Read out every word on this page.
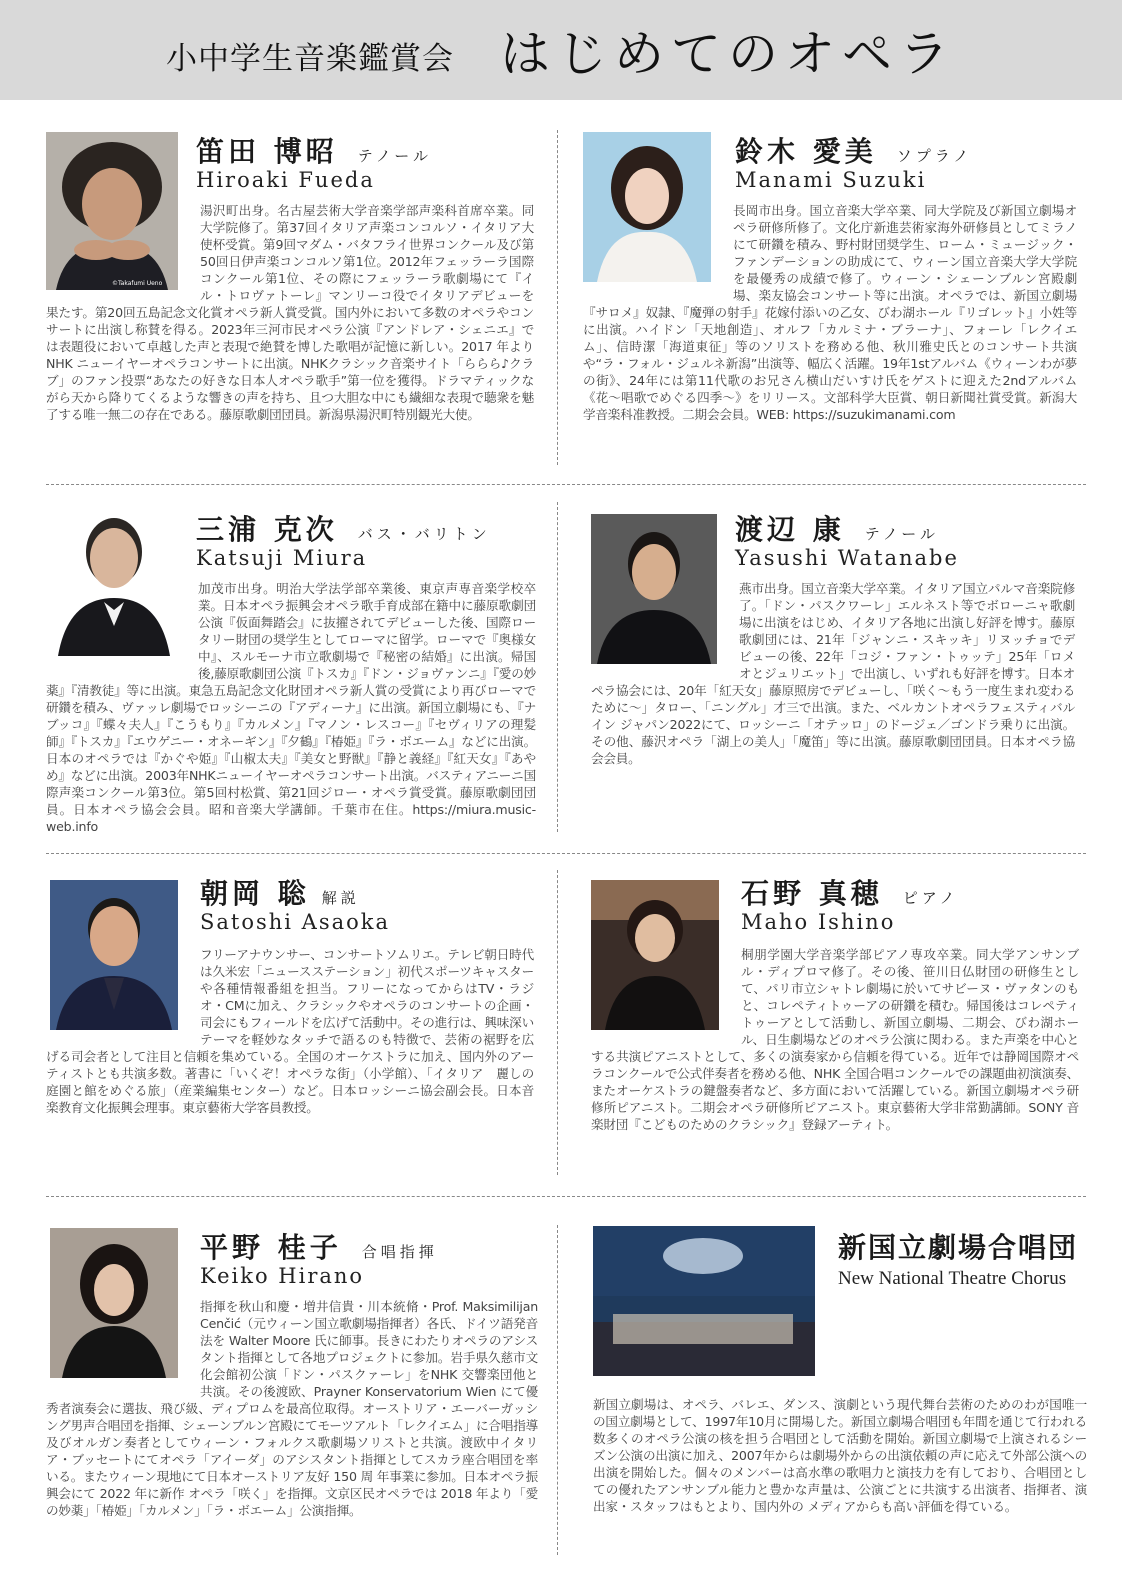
小中学生音楽鑑賞会 はじめてのオペラ
©Takafumi Ueno
笛田 博昭 テノール
Hiroaki Fueda
湯沢町出身。名古屋芸術大学音楽学部声楽科首席卒業。同大学院修了。第37回イタリア声楽コンコルソ・イタリア大使杯受賞。第9回マダム・バタフライ世界コンクール及び第50回日伊声楽コンコルソ第1位。2012年フェッラーラ国際コンクール第1位、その際にフェッラーラ歌劇場にて『イル・トロヴァトーレ』マンリーコ役でイタリアデビューを果たす。第20回五島記念文化賞オペラ新人賞受賞。国内外において多数のオペラやコンサートに出演し称賛を得る。2023年三河市民オペラ公演『アンドレア・シェニエ』では表題役において卓越した声と表現で絶賛を博した歌唱が記憶に新しい。2017 年よりNHK ニューイヤーオペラコンサートに出演。NHKクラシック音楽サイト「ららら♪クラブ」のファン投票“あなたの好きな日本人オペラ歌手”第一位を獲得。ドラマティックながら天から降りてくるような響きの声を持ち、且つ大胆な中にも繊細な表現で聴衆を魅了する唯一無二の存在である。藤原歌劇団団員。新潟県湯沢町特別観光大使。
鈴木 愛美 ソプラノ
Manami Suzuki
長岡市出身。国立音楽大学卒業、同大学院及び新国立劇場オペラ研修所修了。文化庁新進芸術家海外研修員としてミラノにて研鑽を積み、野村財団奨学生、ローム・ミュージック・ファンデーションの助成にて、ウィーン国立音楽大学大学院を最優秀の成績で修了。ウィーン・シェーンブルン宮殿劇場、楽友協会コンサート等に出演。オペラでは、新国立劇場『サロメ』奴隷、『魔弾の射手』花嫁付添いの乙女、びわ湖ホール『リゴレット』小姓等に出演。ハイドン「天地創造」、オルフ「カルミナ・ブラーナ」、フォーレ「レクイエム」、信時潔「海道東征」等のソリストを務める他、秋川雅史氏とのコンサート共演や“ラ・フォル・ジュルネ新潟”出演等、幅広く活躍。19年1stアルバム《ウィーンわが夢の街》、24年には第11代歌のお兄さん横山だいすけ氏をゲストに迎えた2ndアルバム《花〜唱歌でめぐる四季〜》をリリース。文部科学大臣賞、朝日新聞社賞受賞。新潟大学音楽科准教授。二期会会員。WEB: https://suzukimanami.com
三浦 克次 バス・バリトン
Katsuji Miura
加茂市出身。明治大学法学部卒業後、東京声専音楽学校卒業。日本オペラ振興会オペラ歌手育成部在籍中に藤原歌劇団公演『仮面舞踏会』に抜擢されてデビューした後、国際ロータリー財団の奨学生としてローマに留学。ローマで『奥様女中』、スルモーナ市立歌劇場で『秘密の結婚』に出演。帰国後,藤原歌劇団公演『トスカ』『ドン・ジョヴァンニ』『愛の妙薬』『清教徒』等に出演。東急五島記念文化財団オペラ新人賞の受賞により再びローマで研鑽を積み、ヴァッレ劇場でロッシーニの『アディーナ』に出演。新国立劇場にも、『ナブッコ』『蝶々夫人』『こうもり』『カルメン』『マノン・レスコー』『セヴィリアの理髪師』『トスカ』『エウゲニー・オネーギン』『夕鶴』『椿姫』『ラ・ボエーム』などに出演。日本のオペラでは『かぐや姫』『山椒太夫』『美女と野獣』『静と義経』『紅天女』『あやめ』などに出演。2003年NHKニューイヤーオペラコンサート出演。バスティアニーニ国際声楽コンクール第3位。第5回村松賞、第21回ジロー・オペラ賞受賞。藤原歌劇団団員。日本オペラ協会会員。昭和音楽大学講師。千葉市在住。https://miura.music-web.info
渡辺 康 テノール
Yasushi Watanabe
燕市出身。国立音楽大学卒業。イタリア国立パルマ音楽院修了。「ドン・パスクワーレ」エルネスト等でボローニャ歌劇場に出演をはじめ、イタリア各地に出演し好評を博す。藤原歌劇団には、21年「ジャンニ・スキッキ」リヌッチョでデビューの後、22年「コジ・ファン・トゥッテ」25年「ロメオとジュリエット」で出演し、いずれも好評を博す。日本オペラ協会には、20年「紅天女」藤原照房でデビューし、「咲く〜もう一度生まれ変わるために〜」タロー、「ニングル」才三で出演。また、ベルカントオペラフェスティバル イン ジャパン2022にて、ロッシーニ「オテッロ」のドージェ／ゴンドラ乗りに出演。その他、藤沢オペラ「湖上の美人」「魔笛」等に出演。藤原歌劇団団員。日本オペラ協会会員。
朝岡 聡 解説
Satoshi Asaoka
フリーアナウンサー、コンサートソムリエ。テレビ朝日時代は久米宏「ニュースステーション」初代スポーツキャスターや各種情報番組を担当。フリーになってからはTV・ラジオ・CMに加え、クラシックやオペラのコンサートの企画・司会にもフィールドを広げて活動中。その進行は、興味深いテーマを軽妙なタッチで語るのも特徴で、芸術の裾野を広げる司会者として注目と信頼を集めている。全国のオーケストラに加え、国内外のアーティストとも共演多数。著書に「いくぞ！オペラな街」（小学館）、「イタリア　麗しの庭園と館をめぐる旅」（産業編集センター）など。日本ロッシーニ協会副会長。日本音楽教育文化振興会理事。東京藝術大学客員教授。
石野 真穂 ピアノ
Maho Ishino
桐朋学園大学音楽学部ピアノ専攻卒業。同大学アンサンブル・ディプロマ修了。その後、笹川日仏財団の研修生として、パリ市立シャトレ劇場に於いてサビーヌ・ヴァタンのもと、コレペティトゥーアの研鑽を積む。帰国後はコレペティトゥーアとして活動し、新国立劇場、二期会、びわ湖ホール、日生劇場などのオペラ公演に関わる。また声楽を中心とする共演ピアニストとして、多くの演奏家から信頼を得ている。近年では静岡国際オペラコンクールで公式伴奏者を務める他、NHK 全国合唱コンクールでの課題曲初演演奏、またオーケストラの鍵盤奏者など、多方面において活躍している。新国立劇場オペラ研修所ピアニスト。二期会オペラ研修所ピアニスト。東京藝術大学非常勤講師。SONY 音楽財団『こどものためのクラシック』登録アーティト。
平野 桂子 合唱指揮
Keiko Hirano
指揮を秋山和慶・増井信貴・川本統脩・Prof. Maksimilijan Cenčić（元ウィーン国立歌劇場指揮者）各氏、ドイツ語発音法を Walter Moore 氏に師事。長きにわたりオペラのアシスタント指揮として各地プロジェクトに参加。岩手県久慈市文化会館初公演「ドン・パスクァーレ」をNHK 交響楽団他と共演。その後渡欧、Prayner Konservatorium Wien にて優秀者演奏会に選抜、飛び級、ディプロムを最高位取得。オーストリア・エーバーガッシング男声合唱団を指揮、シェーンブルン宮殿にてモーツアルト「レクイエム」に合唱指導及びオルガン奏者としてウィーン・フォルクス歌劇場ソリストと共演。渡欧中イタリア・ブッセートにてオペラ「アイーダ」のアシスタント指揮としてスカラ座合唱団を率いる。またウィーン現地にて日本オーストリア友好 150 周 年事業に参加。日本オペラ振興会にて 2022 年に新作 オペラ「咲く」を指揮。文京区民オペラでは 2018 年より「愛の妙薬」「椿姫」「カルメン」「ラ・ボエーム」公演指揮。
新国立劇場合唱団
New National Theatre Chorus
新国立劇場は、オペラ、バレエ、ダンス、演劇という現代舞台芸術のためのわが国唯一の国立劇場として、1997年10月に開場した。新国立劇場合唱団も年間を通じて行われる数多くのオペラ公演の核を担う合唱団として活動を開始。新国立劇場で上演されるシーズン公演の出演に加え、2007年からは劇場外からの出演依頼の声に応えて外部公演への出演を開始した。個々のメンバーは高水準の歌唱力と演技力を有しており、合唱団としての優れたアンサンブル能力と豊かな声量は、公演ごとに共演する出演者、指揮者、演出家・スタッフはもとより、国内外の メディアからも高い評価を得ている。
